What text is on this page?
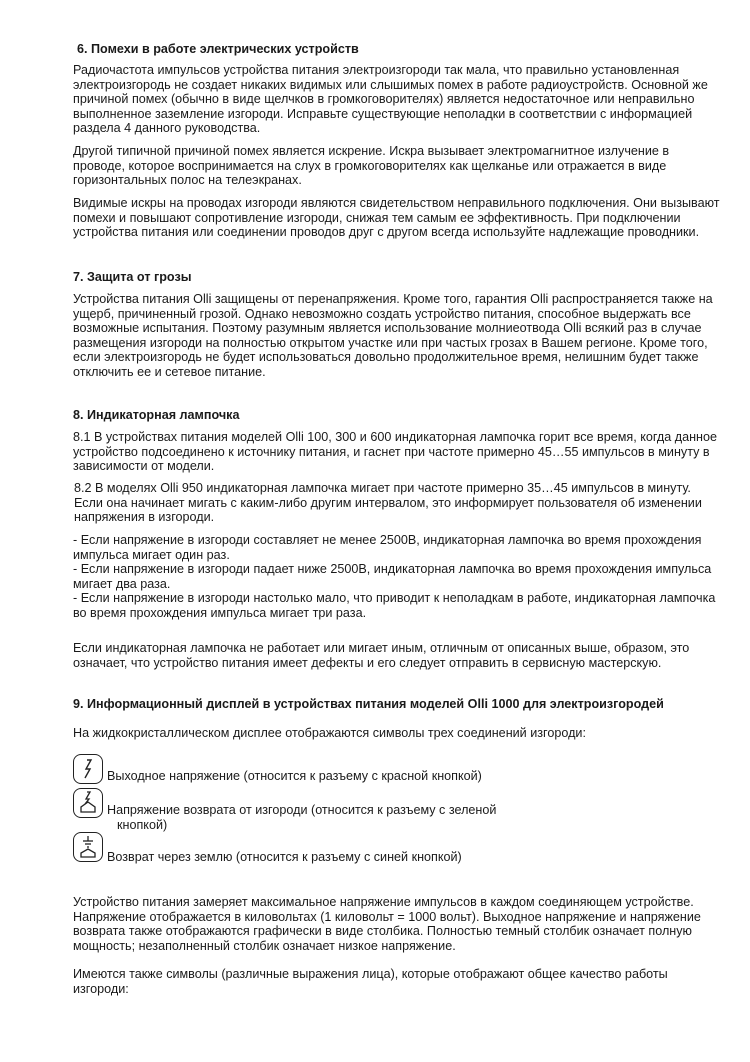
6. Помехи в работе электрических устройств

Радиочастота импульсов устройства питания электроизгороди так мала, что правильно установленная электроизгородь не создает никаких видимых или слышимых помех в работе радиоустройств. Основной же причиной помех (обычно в виде щелчков в громкоговорителях) является недостаточное или неправильно выполненное заземление изгороди. Исправьте существующие неполадки в соответствии с информацией раздела 4 данного руководства.

Другой типичной причиной помех является искрение. Искра вызывает электромагнитное излучение в проводе, которое воспринимается на слух в громкоговорителях как щелканье или отражается в виде горизонтальных полос на телеэкранах.

Видимые искры на проводах изгороди являются свидетельством неправильного подключения. Они вызывают помехи и повышают сопротивление изгороди, снижая тем самым ее эффективность. При подключении устройства питания или соединении проводов друг с другом всегда используйте надлежащие проводники.

7. Защита от грозы

Устройства питания Olli защищены от перенапряжения. Кроме того, гарантия Olli распространяется также на ущерб, причиненный грозой. Однако невозможно создать устройство питания, способное выдержать все возможные испытания. Поэтому разумным является использование молниеотвода Olli всякий раз в случае размещения изгороди на полностью открытом участке или при частых грозах в Вашем регионе. Кроме того, если электроизгородь не будет использоваться довольно продолжительное время, нелишним будет также отключить ее и сетевое питание.

8. Индикаторная лампочка

8.1 В устройствах питания моделей Olli 100, 300 и 600 индикаторная лампочка горит все время, когда данное устройство подсоединено к источнику питания, и гаснет при частоте примерно 45…55 импульсов в минуту в зависимости от модели.

8.2 В моделях Olli 950 индикаторная лампочка мигает при частоте примерно 35…45 импульсов в минуту. Если она начинает мигать с каким-либо другим интервалом, это информирует пользователя об изменении напряжения в изгороди.

- Если напряжение в изгороди составляет не менее 2500В, индикаторная лампочка во время прохождения импульса мигает один раз.

- Если напряжение в изгороди падает ниже 2500В, индикаторная лампочка во время прохождения импульса мигает два раза.

- Если напряжение в изгороди настолько мало, что приводит к неполадкам в работе, индикаторная лампочка во время прохождения импульса мигает три раза.

Если индикаторная лампочка не работает или мигает иным, отличным от описанных выше, образом, это означает, что устройство питания имеет дефекты и его следует отправить в сервисную мастерскую.

9. Информационный дисплей в устройствах питания моделей Olli 1000 для электроизгородей

На жидкокристаллическом дисплее отображаются символы трех соединений изгороди:

Выходное напряжение (относится к разъему с красной кнопкой)
Напряжение возврата от изгороди (относится к разъему с зеленой
кнопкой)
Возврат через землю (относится к разъему с синей кнопкой)

Устройство питания замеряет максимальное напряжение импульсов в каждом соединяющем устройстве. Напряжение отображается в киловольтах (1 киловольт = 1000 вольт). Выходное напряжение и напряжение возврата также отображаются графически в виде столбика. Полностью темный столбик означает полную мощность; незаполненный столбик означает низкое напряжение.

Имеются также символы (различные выражения лица), которые отображают общее качество работы изгороди:
